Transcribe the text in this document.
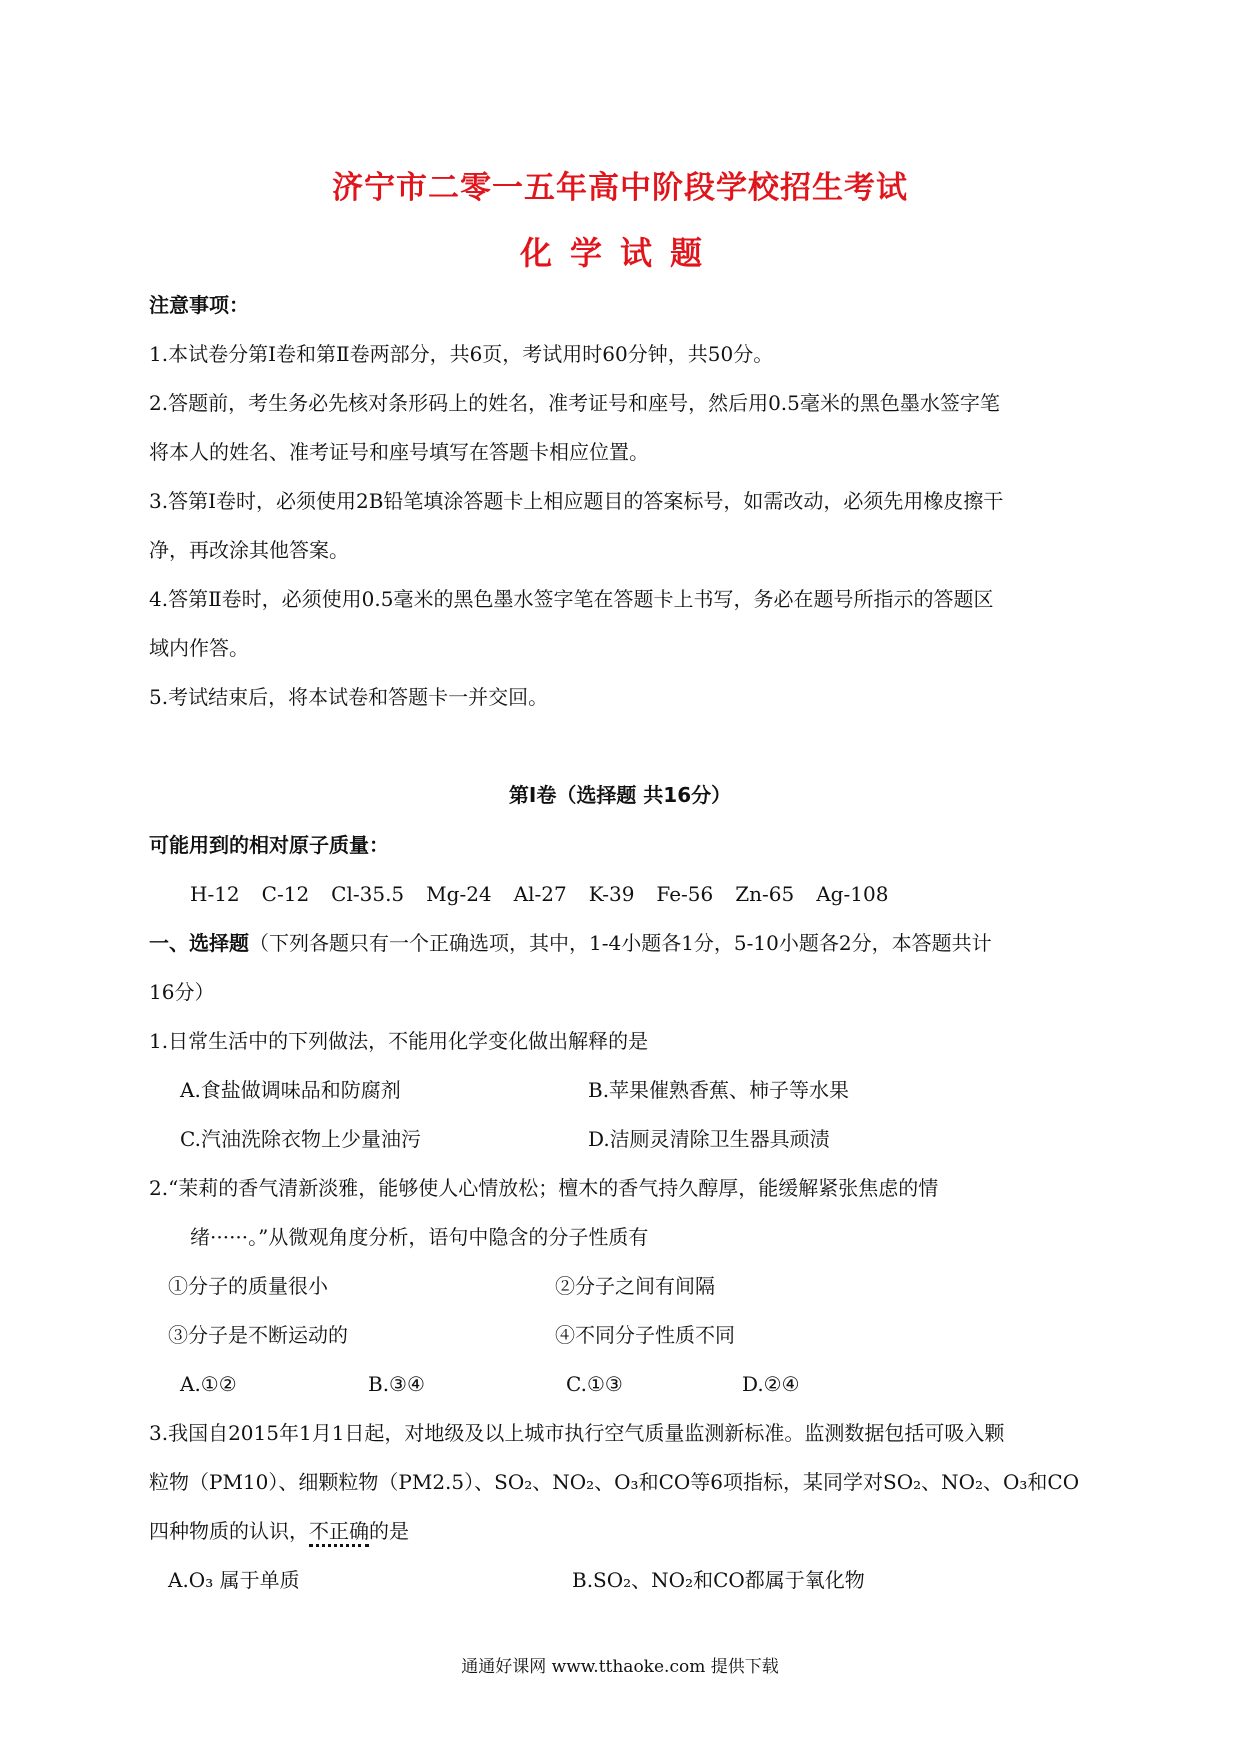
济宁市二零一五年高中阶段学校招生考试
化学试题
注意事项：
1.本试卷分第Ⅰ卷和第Ⅱ卷两部分，共6页，考试用时60分钟，共50分。
2.答题前，考生务必先核对条形码上的姓名，准考证号和座号，然后用0.5毫米的黑色墨水签字笔
将本人的姓名、准考证号和座号填写在答题卡相应位置。
3.答第Ⅰ卷时，必须使用2B铅笔填涂答题卡上相应题目的答案标号，如需改动，必须先用橡皮擦干
净，再改涂其他答案。
4.答第Ⅱ卷时，必须使用0.5毫米的黑色墨水签字笔在答题卡上书写，务必在题号所指示的答题区
域内作答。
5.考试结束后，将本试卷和答题卡一并交回。
第Ⅰ卷（选择题 共16分）
可能用到的相对原子质量：
H-12 C-12 Cl-35.5 Mg-24 Al-27 K-39 Fe-56 Zn-65 Ag-108
一、选择题（下列各题只有一个正确选项，其中，1-4小题各1分，5-10小题各2分，本答题共计
16分）
1.日常生活中的下列做法，不能用化学变化做出解释的是
A.食盐做调味品和防腐剂	B.苹果催熟香蕉、柿子等水果
C.汽油洗除衣物上少量油污	D.洁厕灵清除卫生器具顽渍
2.“茉莉的香气清新淡雅，能够使人心情放松；檀木的香气持久醇厚，能缓解紧张焦虑的情
绪······。”从微观角度分析，语句中隐含的分子性质有
①分子的质量很小	②分子之间有间隔
③分子是不断运动的	④不同分子性质不同
A.①②	B.③④	C.①③	D.②④
3.我国自2015年1月1日起，对地级及以上城市执行空气质量监测新标准。监测数据包括可吸入颗
粒物（PM10）、细颗粒物（PM2.5）、SO₂、NO₂、O₃和CO等6项指标，某同学对SO₂、NO₂、O₃和CO
四种物质的认识，不正确的是
A.O₃ 属于单质	B.SO₂、NO₂和CO都属于氧化物
通通好课网 www.tthaoke.com 提供下载
